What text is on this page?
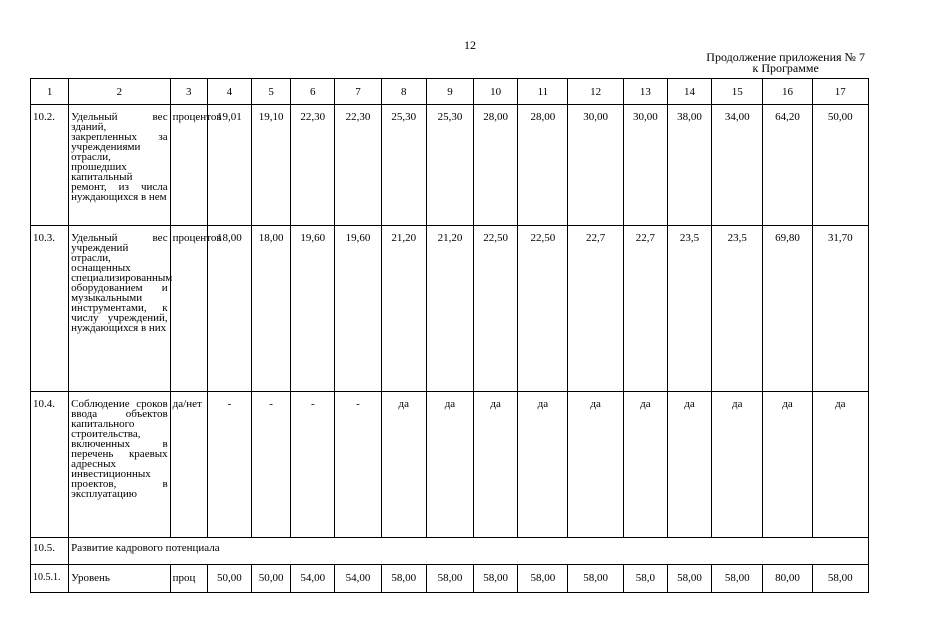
12
Продолжение приложения № 7
к Программе
1	2	3	4	5	6	7	8	9	10	11	12	13	14	15	16	17
10.2.	Удельный вес зданий, закрепленных за учреждениями отрасли, прошедших капитальный ремонт, из числа нуждающихся в нем	процентов	19,01	19,10	22,30	22,30	25,30	25,30	28,00	28,00	30,00	30,00	38,00	34,00	64,20	50,00
10.3.	Удельный вес учреждений отрасли, оснащенных специализированным оборудованием и музыкальными инструментами, к числу учреждений, нуждающихся в них	процентов	18,00	18,00	19,60	19,60	21,20	21,20	22,50	22,50	22,7	22,7	23,5	23,5	69,80	31,70
10.4.	Соблюдение сроков ввода объектов капитального строительства, включенных в перечень краевых адресных инвестиционных проектов, в эксплуатацию	да/нет	-	-	-	-	да	да	да	да	да	да	да	да	да	да
10.5.	Развитие кадрового потенциала															
10.5.1.	Уровень	проц	50,00	50,00	54,00	54,00	58,00	58,00	58,00	58,00	58,00	58,0	58,00	58,00	80,00	58,00
